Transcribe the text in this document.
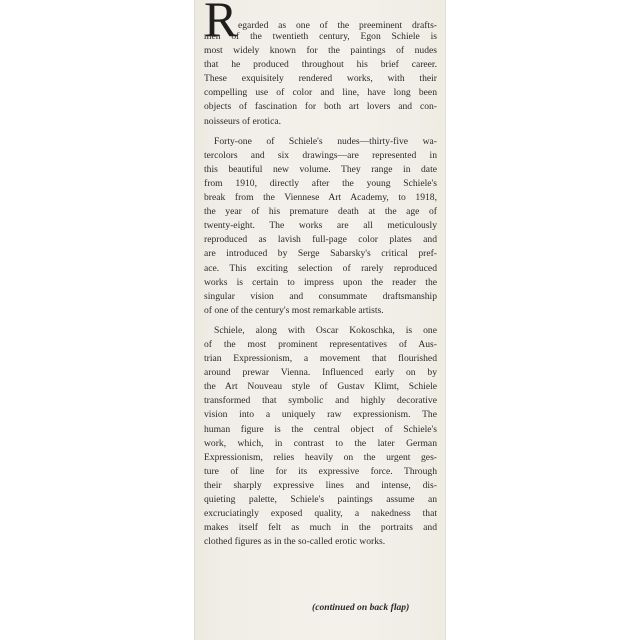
R egarded as one of the preeminent drafts-
men of the twentieth century, Egon Schiele is
most widely known for the paintings of nudes
that he produced throughout his brief career.
These exquisitely rendered works, with their
compelling use of color and line, have long been
objects of fascination for both art lovers and con-
noisseurs of erotica.
Forty-one of Schiele's nudes—thirty-five wa-
tercolors and six drawings—are represented in
this beautiful new volume. They range in date
from 1910, directly after the young Schiele's
break from the Viennese Art Academy, to 1918,
the year of his premature death at the age of
twenty-eight. The works are all meticulously
reproduced as lavish full-page color plates and
are introduced by Serge Sabarsky's critical pref-
ace. This exciting selection of rarely reproduced
works is certain to impress upon the reader the
singular vision and consummate draftsmanship
of one of the century's most remarkable artists.
Schiele, along with Oscar Kokoschka, is one
of the most prominent representatives of Aus-
trian Expressionism, a movement that flourished
around prewar Vienna. Influenced early on by
the Art Nouveau style of Gustav Klimt, Schiele
transformed that symbolic and highly decorative
vision into a uniquely raw expressionism. The
human figure is the central object of Schiele's
work, which, in contrast to the later German
Expressionism, relies heavily on the urgent ges-
ture of line for its expressive force. Through
their sharply expressive lines and intense, dis-
quieting palette, Schiele's paintings assume an
excruciatingly exposed quality, a nakedness that
makes itself felt as much in the portraits and
clothed figures as in the so-called erotic works.
(continued on back flap)
